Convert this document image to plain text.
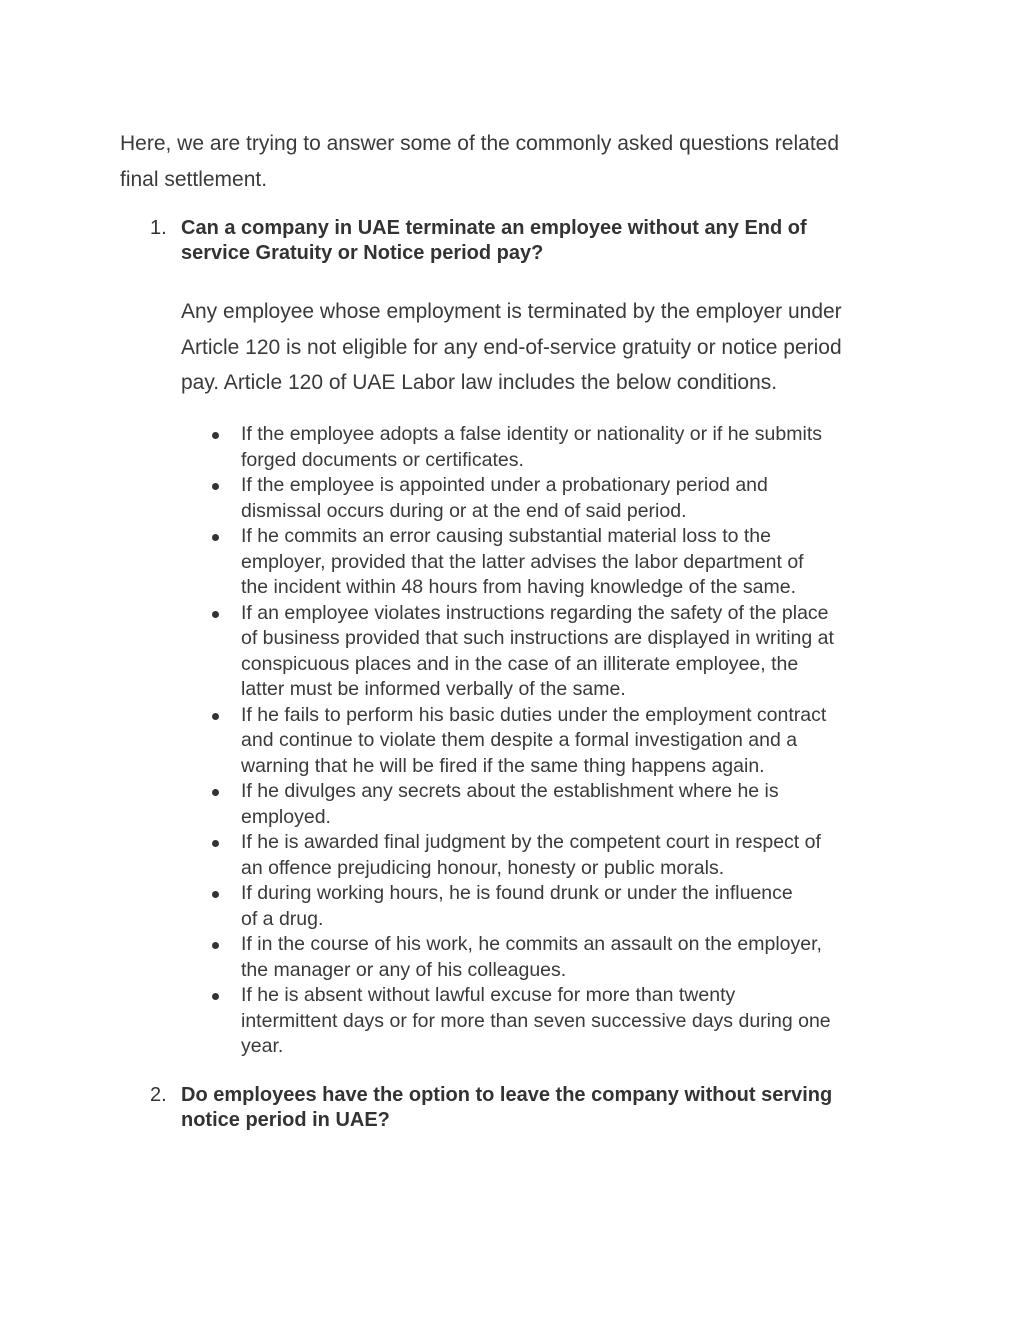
Here, we are trying to answer some of the commonly asked questions related
final settlement.

1. Can a company in UAE terminate an employee without any End of
service Gratuity or Notice period pay?

Any employee whose employment is terminated by the employer under
Article 120 is not eligible for any end-of-service gratuity or notice period
pay. Article 120 of UAE Labor law includes the below conditions.

If the employee adopts a false identity or nationality or if he submits
forged documents or certificates.
If the employee is appointed under a probationary period and
dismissal occurs during or at the end of said period.
If he commits an error causing substantial material loss to the
employer, provided that the latter advises the labor department of
the incident within 48 hours from having knowledge of the same.
If an employee violates instructions regarding the safety of the place
of business provided that such instructions are displayed in writing at
conspicuous places and in the case of an illiterate employee, the
latter must be informed verbally of the same.
If he fails to perform his basic duties under the employment contract
and continue to violate them despite a formal investigation and a
warning that he will be fired if the same thing happens again.
If he divulges any secrets about the establishment where he is
employed.
If he is awarded final judgment by the competent court in respect of
an offence prejudicing honour, honesty or public morals.
If during working hours, he is found drunk or under the influence
of a drug.
If in the course of his work, he commits an assault on the employer,
the manager or any of his colleagues.
If he is absent without lawful excuse for more than twenty
intermittent days or for more than seven successive days during one
year.
2. Do employees have the option to leave the company without serving
notice period in UAE?
